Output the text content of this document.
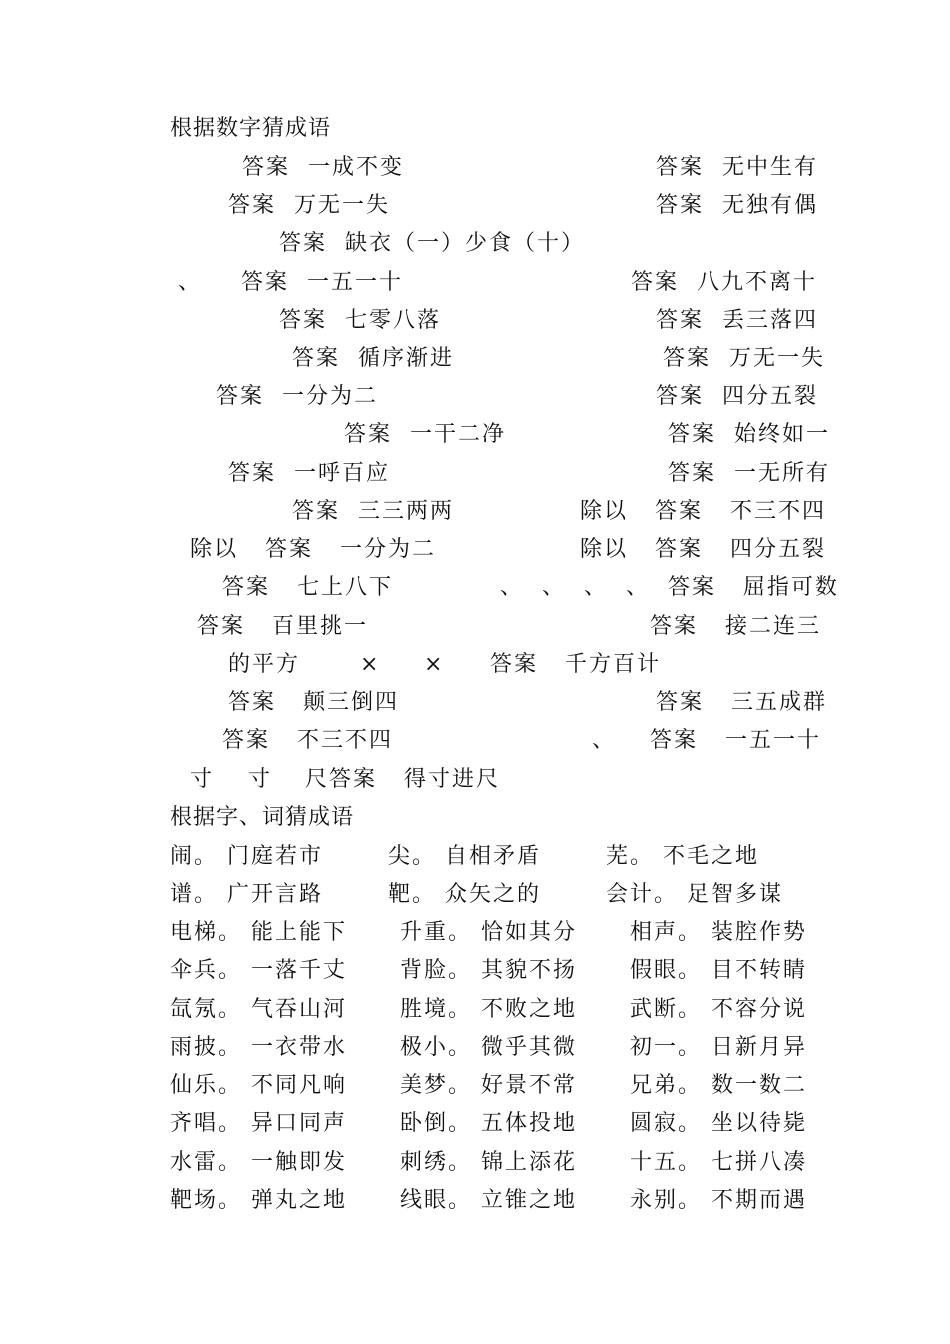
根据数字猜成语
答案  一成不变	答案  无中生有
答案  万无一失	答案  无独有偶
答案  缺衣（一）少食（十）
、 答案  一五一十	答案  八九不离十
答案  七零八落	答案  丢三落四
答案  循序渐进	答案  万无一失
答案  一分为二	答案  四分五裂
答案  一干二净	答案  始终如一
答案  一呼百应	答案  一无所有
答案  三三两两	除以   答案   不三不四
除以   答案   一分为二	除以   答案   四分五裂
答案   七上八下	、  、  、  、  答案   屈指可数
答案   百里挑一	答案   接二连三
的平方	× × 答案   千方百计
答案   颠三倒四	答案   三五成群
答案   不三不四	、 答案   一五一十
寸 寸 尺答案   得寸进尺
根据字、词猜成语
闹。 门庭若市	尖。 自相矛盾	芜。 不毛之地
谱。 广开言路	靶。 众矢之的	会计。 足智多谋
电梯。 能上能下 升重。 恰如其分 相声。 装腔作势
伞兵。 一落千丈 背脸。 其貌不扬 假眼。 目不转睛
氙氖。 气吞山河 胜境。 不败之地 武断。 不容分说
雨披。 一衣带水 极小。 微乎其微 初一。 日新月异
仙乐。 不同凡响 美梦。 好景不常 兄弟。 数一数二
齐唱。 异口同声 卧倒。 五体投地 圆寂。 坐以待毙
水雷。 一触即发 刺绣。 锦上添花 十五。 七拼八凑
靶场。 弹丸之地 线眼。 立锥之地 永别。 不期而遇
